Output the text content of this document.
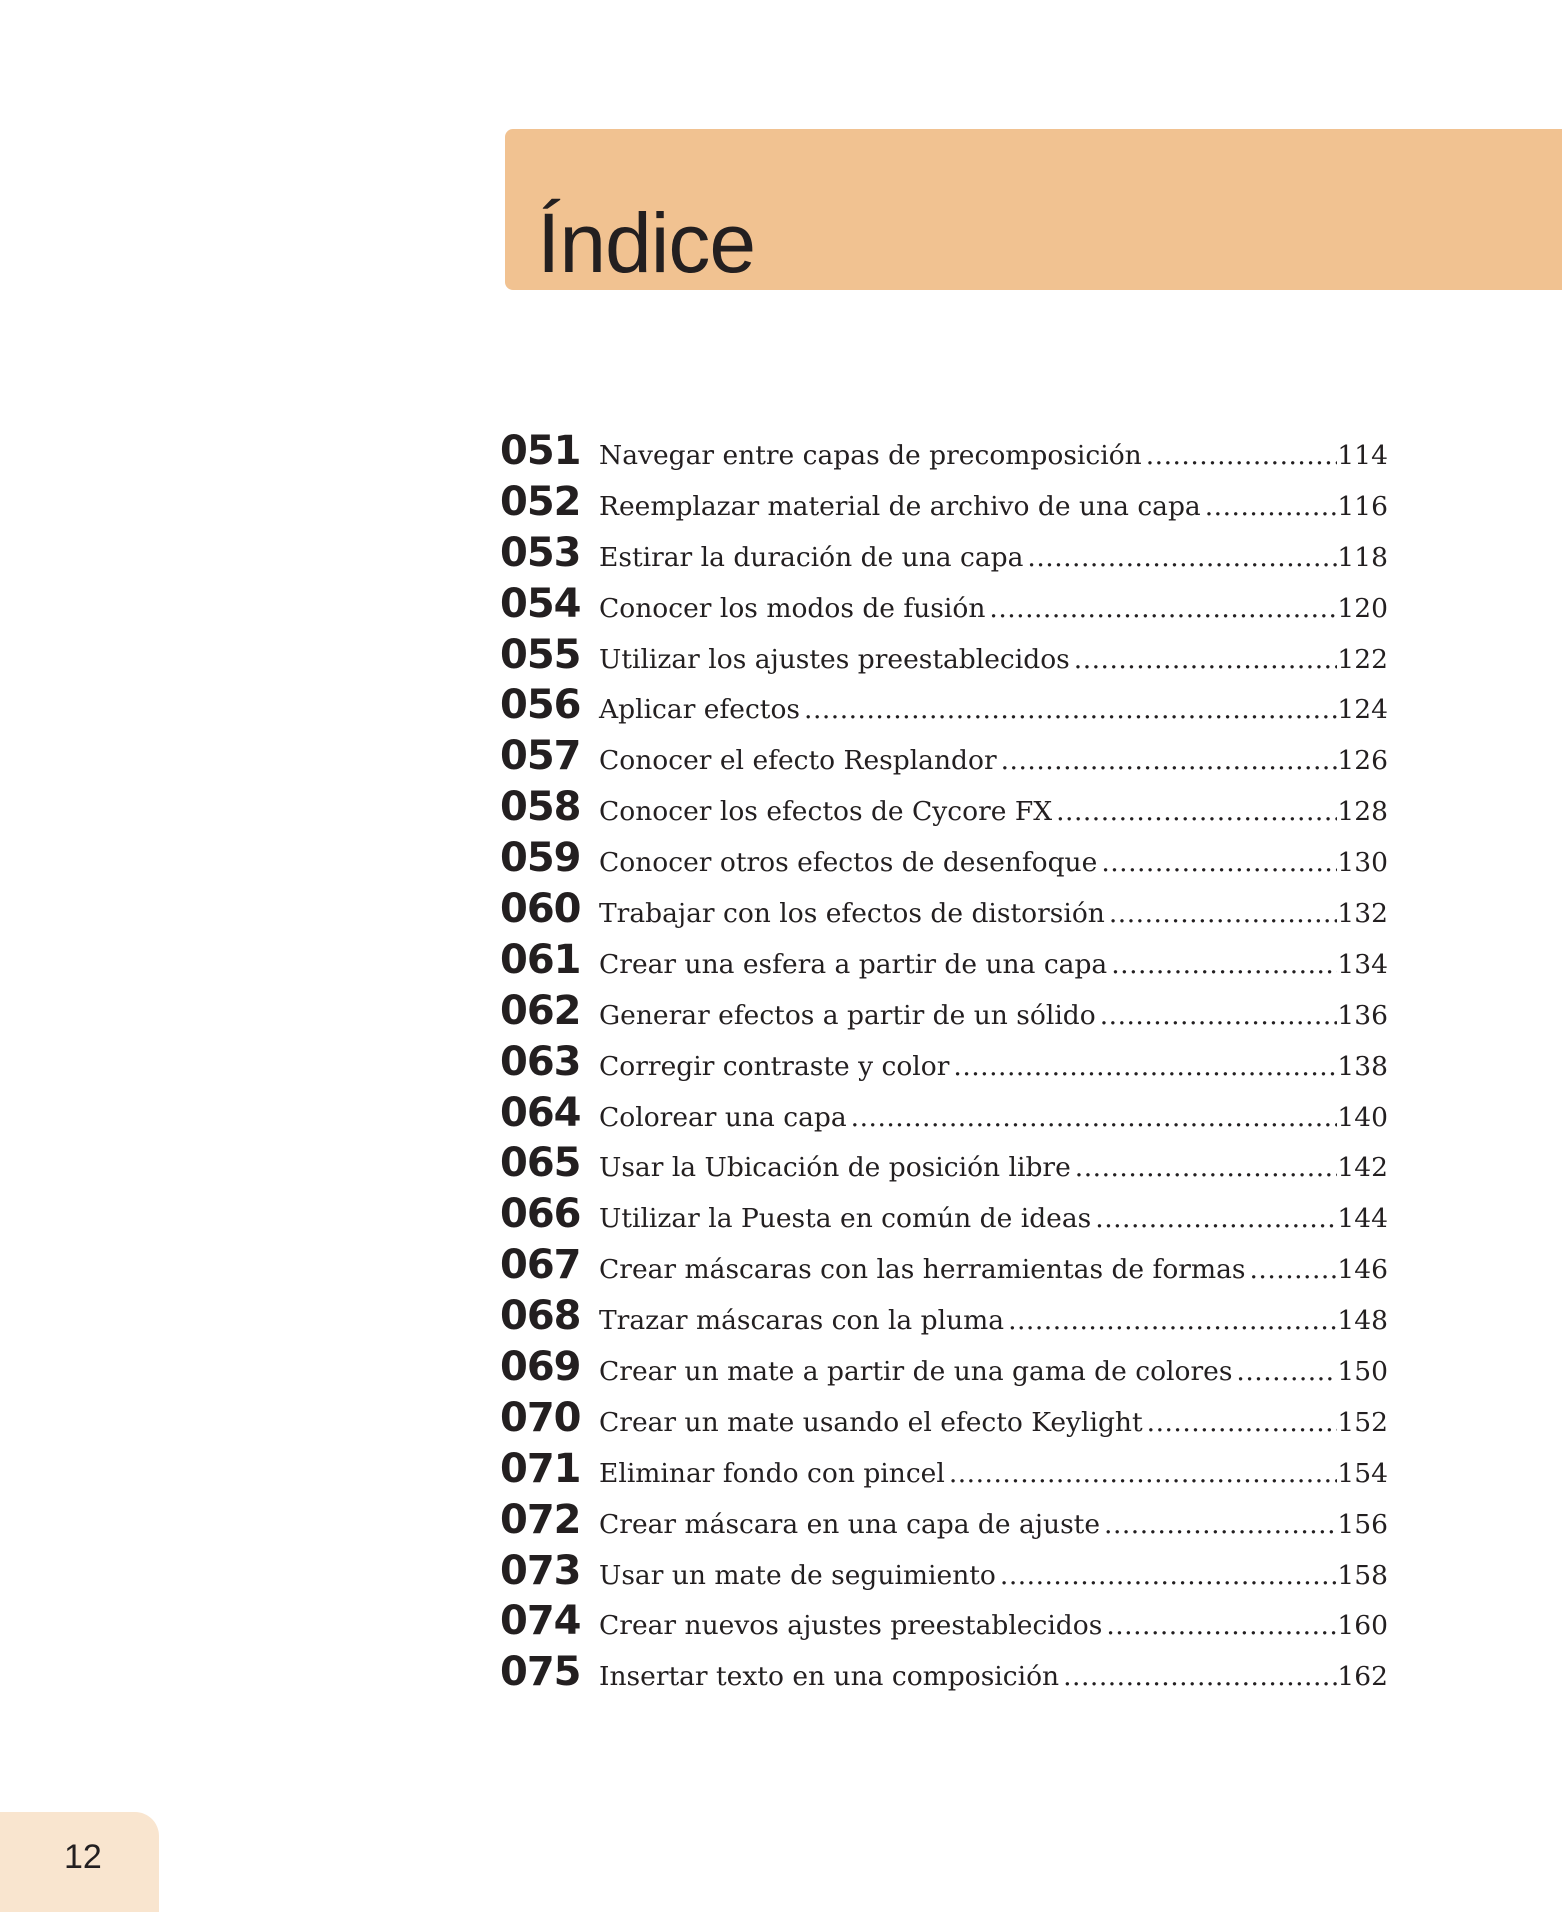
Índice
051 Navegar entre capas de precomposición .....	114
052 Reemplazar material de archivo de una capa .....	116
053 Estirar la duración de una capa .....	118
054 Conocer los modos de fusión .....	120
055 Utilizar los ajustes preestablecidos .....	122
056 Aplicar efectos .....	124
057 Conocer el efecto Resplandor .....	126
058 Conocer los efectos de Cycore FX .....	128
059 Conocer otros efectos de desenfoque .....	130
060 Trabajar con los efectos de distorsión .....	132
061 Crear una esfera a partir de una capa .....	134
062 Generar efectos a partir de un sólido .....	136
063 Corregir contraste y color .....	138
064 Colorear una capa .....	140
065 Usar la Ubicación de posición libre .....	142
066 Utilizar la Puesta en común de ideas .....	144
067 Crear máscaras con las herramientas de formas .....	146
068 Trazar máscaras con la pluma .....	148
069 Crear un mate a partir de una gama de colores .....	150
070 Crear un mate usando el efecto Keylight .....	152
071 Eliminar fondo con pincel .....	154
072 Crear máscara en una capa de ajuste .....	156
073 Usar un mate de seguimiento .....	158
074 Crear nuevos ajustes preestablecidos .....	160
075 Insertar texto en una composición .....	162
12
